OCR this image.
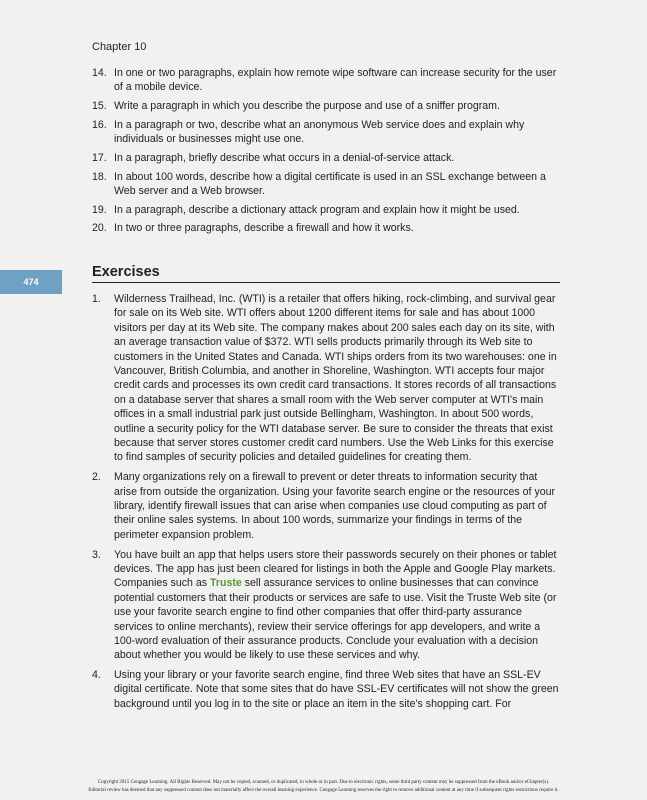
Chapter 10
14. In one or two paragraphs, explain how remote wipe software can increase security for the user of a mobile device.
15. Write a paragraph in which you describe the purpose and use of a sniffer program.
16. In a paragraph or two, describe what an anonymous Web service does and explain why individuals or businesses might use one.
17. In a paragraph, briefly describe what occurs in a denial-of-service attack.
18. In about 100 words, describe how a digital certificate is used in an SSL exchange between a Web server and a Web browser.
19. In a paragraph, describe a dictionary attack program and explain how it might be used.
20. In two or three paragraphs, describe a firewall and how it works.
474
Exercises
1.	Wilderness Trailhead, Inc. (WTI) is a retailer that offers hiking, rock-climbing, and survival gear for sale on its Web site. WTI offers about 1200 different items for sale and has about 1000 visitors per day at its Web site. The company makes about 200 sales each day on its site, with an average transaction value of $372. WTI sells products primarily through its Web site to customers in the United States and Canada. WTI ships orders from its two warehouses: one in Vancouver, British Columbia, and another in Shoreline, Washington. WTI accepts four major credit cards and processes its own credit card transactions. It stores records of all transactions on a database server that shares a small room with the Web server computer at WTI's main offices in a small industrial park just outside Bellingham, Washington. In about 500 words, outline a security policy for the WTI database server. Be sure to consider the threats that exist because that server stores customer credit card numbers. Use the Web Links for this exercise to find samples of security policies and detailed guidelines for creating them.
2.	Many organizations rely on a firewall to prevent or deter threats to information security that arise from outside the organization. Using your favorite search engine or the resources of your library, identify firewall issues that can arise when companies use cloud computing as part of their online sales systems. In about 100 words, summarize your findings in terms of the perimeter expansion problem.
3.	You have built an app that helps users store their passwords securely on their phones or tablet devices. The app has just been cleared for listings in both the Apple and Google Play markets. Companies such as Truste sell assurance services to online businesses that can convince potential customers that their products or services are safe to use. Visit the Truste Web site (or use your favorite search engine to find other companies that offer third-party assurance services to online merchants), review their service offerings for app developers, and write a 100-word evaluation of their assurance products. Conclude your evaluation with a decision about whether you would be likely to use these services and why.
4.	Using your library or your favorite search engine, find three Web sites that have an SSL-EV digital certificate. Note that some sites that do have SSL-EV certificates will not show the green background until you log in to the site or place an item in the site's shopping cart. For
Copyright 2015 Cengage Learning. All Rights Reserved. May not be copied, scanned, or duplicated, in whole or in part. Due to electronic rights, some third party content may be suppressed from the eBook and/or eChapter(s).
Editorial review has deemed that any suppressed content does not materially affect the overall learning experience. Cengage Learning reserves the right to remove additional content at any time if subsequent rights restrictions require it.
